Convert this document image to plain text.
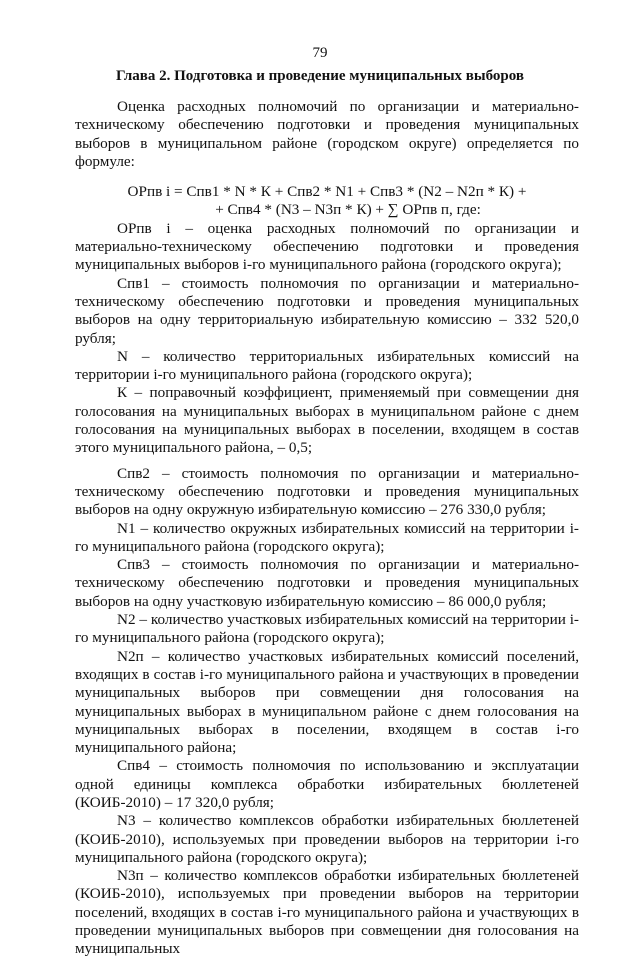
79
Глава 2. Подготовка и проведение муниципальных выборов

Оценка расходных полномочий по организации и материально-техническому обеспечению подготовки и проведения муниципальных выборов в муниципальном районе (городском округе) определяется по формуле:

ОРпв i = Спв1 * N * К + Спв2 * N1 + Спв3 * (N2 – N2п * К) +
+ Спв4 * (N3 – N3п * К) + ∑ ОРпв п, где:

ОРпв i – оценка расходных полномочий по организации и материально-техническому обеспечению подготовки и проведения муниципальных выборов i-го муниципального района (городского округа);

Спв1 – стоимость полномочия по организации и материально-техническому обеспечению подготовки и проведения муниципальных выборов на одну территориальную избирательную комиссию – 332 520,0 рубля;

N – количество территориальных избирательных комиссий на территории i-го муниципального района (городского округа);

К – поправочный коэффициент, применяемый при совмещении дня голосования на муниципальных выборах в муниципальном районе с днем голосования на муниципальных выборах в поселении, входящем в состав этого муниципального района, – 0,5;

Спв2 – стоимость полномочия по организации и материально-техническому обеспечению подготовки и проведения муниципальных выборов на одну окружную избирательную комиссию – 276 330,0 рубля;

N1 – количество окружных избирательных комиссий на территории i-го муниципального района (городского округа);

Спв3 – стоимость полномочия по организации и материально-техническому обеспечению подготовки и проведения муниципальных выборов на одну участковую избирательную комиссию – 86 000,0 рубля;

N2 – количество участковых избирательных комиссий на территории i-го муниципального района (городского округа);

N2п – количество участковых избирательных комиссий поселений, входящих в состав i-го муниципального района и участвующих в проведении муниципальных выборов при совмещении дня голосования на муниципальных выборах в муниципальном районе с днем голосования на муниципальных выборах в поселении, входящем в состав i-го муниципального района;

Спв4 – стоимость полномочия по использованию и эксплуатации одной единицы комплекса обработки избирательных бюллетеней (КОИБ-2010) – 17 320,0 рубля;

N3 – количество комплексов обработки избирательных бюллетеней (КОИБ-2010), используемых при проведении выборов на территории i-го муниципального района (городского округа);

N3п – количество комплексов обработки избирательных бюллетеней (КОИБ-2010), используемых при проведении выборов на территории поселений, входящих в состав i-го муниципального района и участвующих в проведении муниципальных выборов при совмещении дня голосования на муниципальных
